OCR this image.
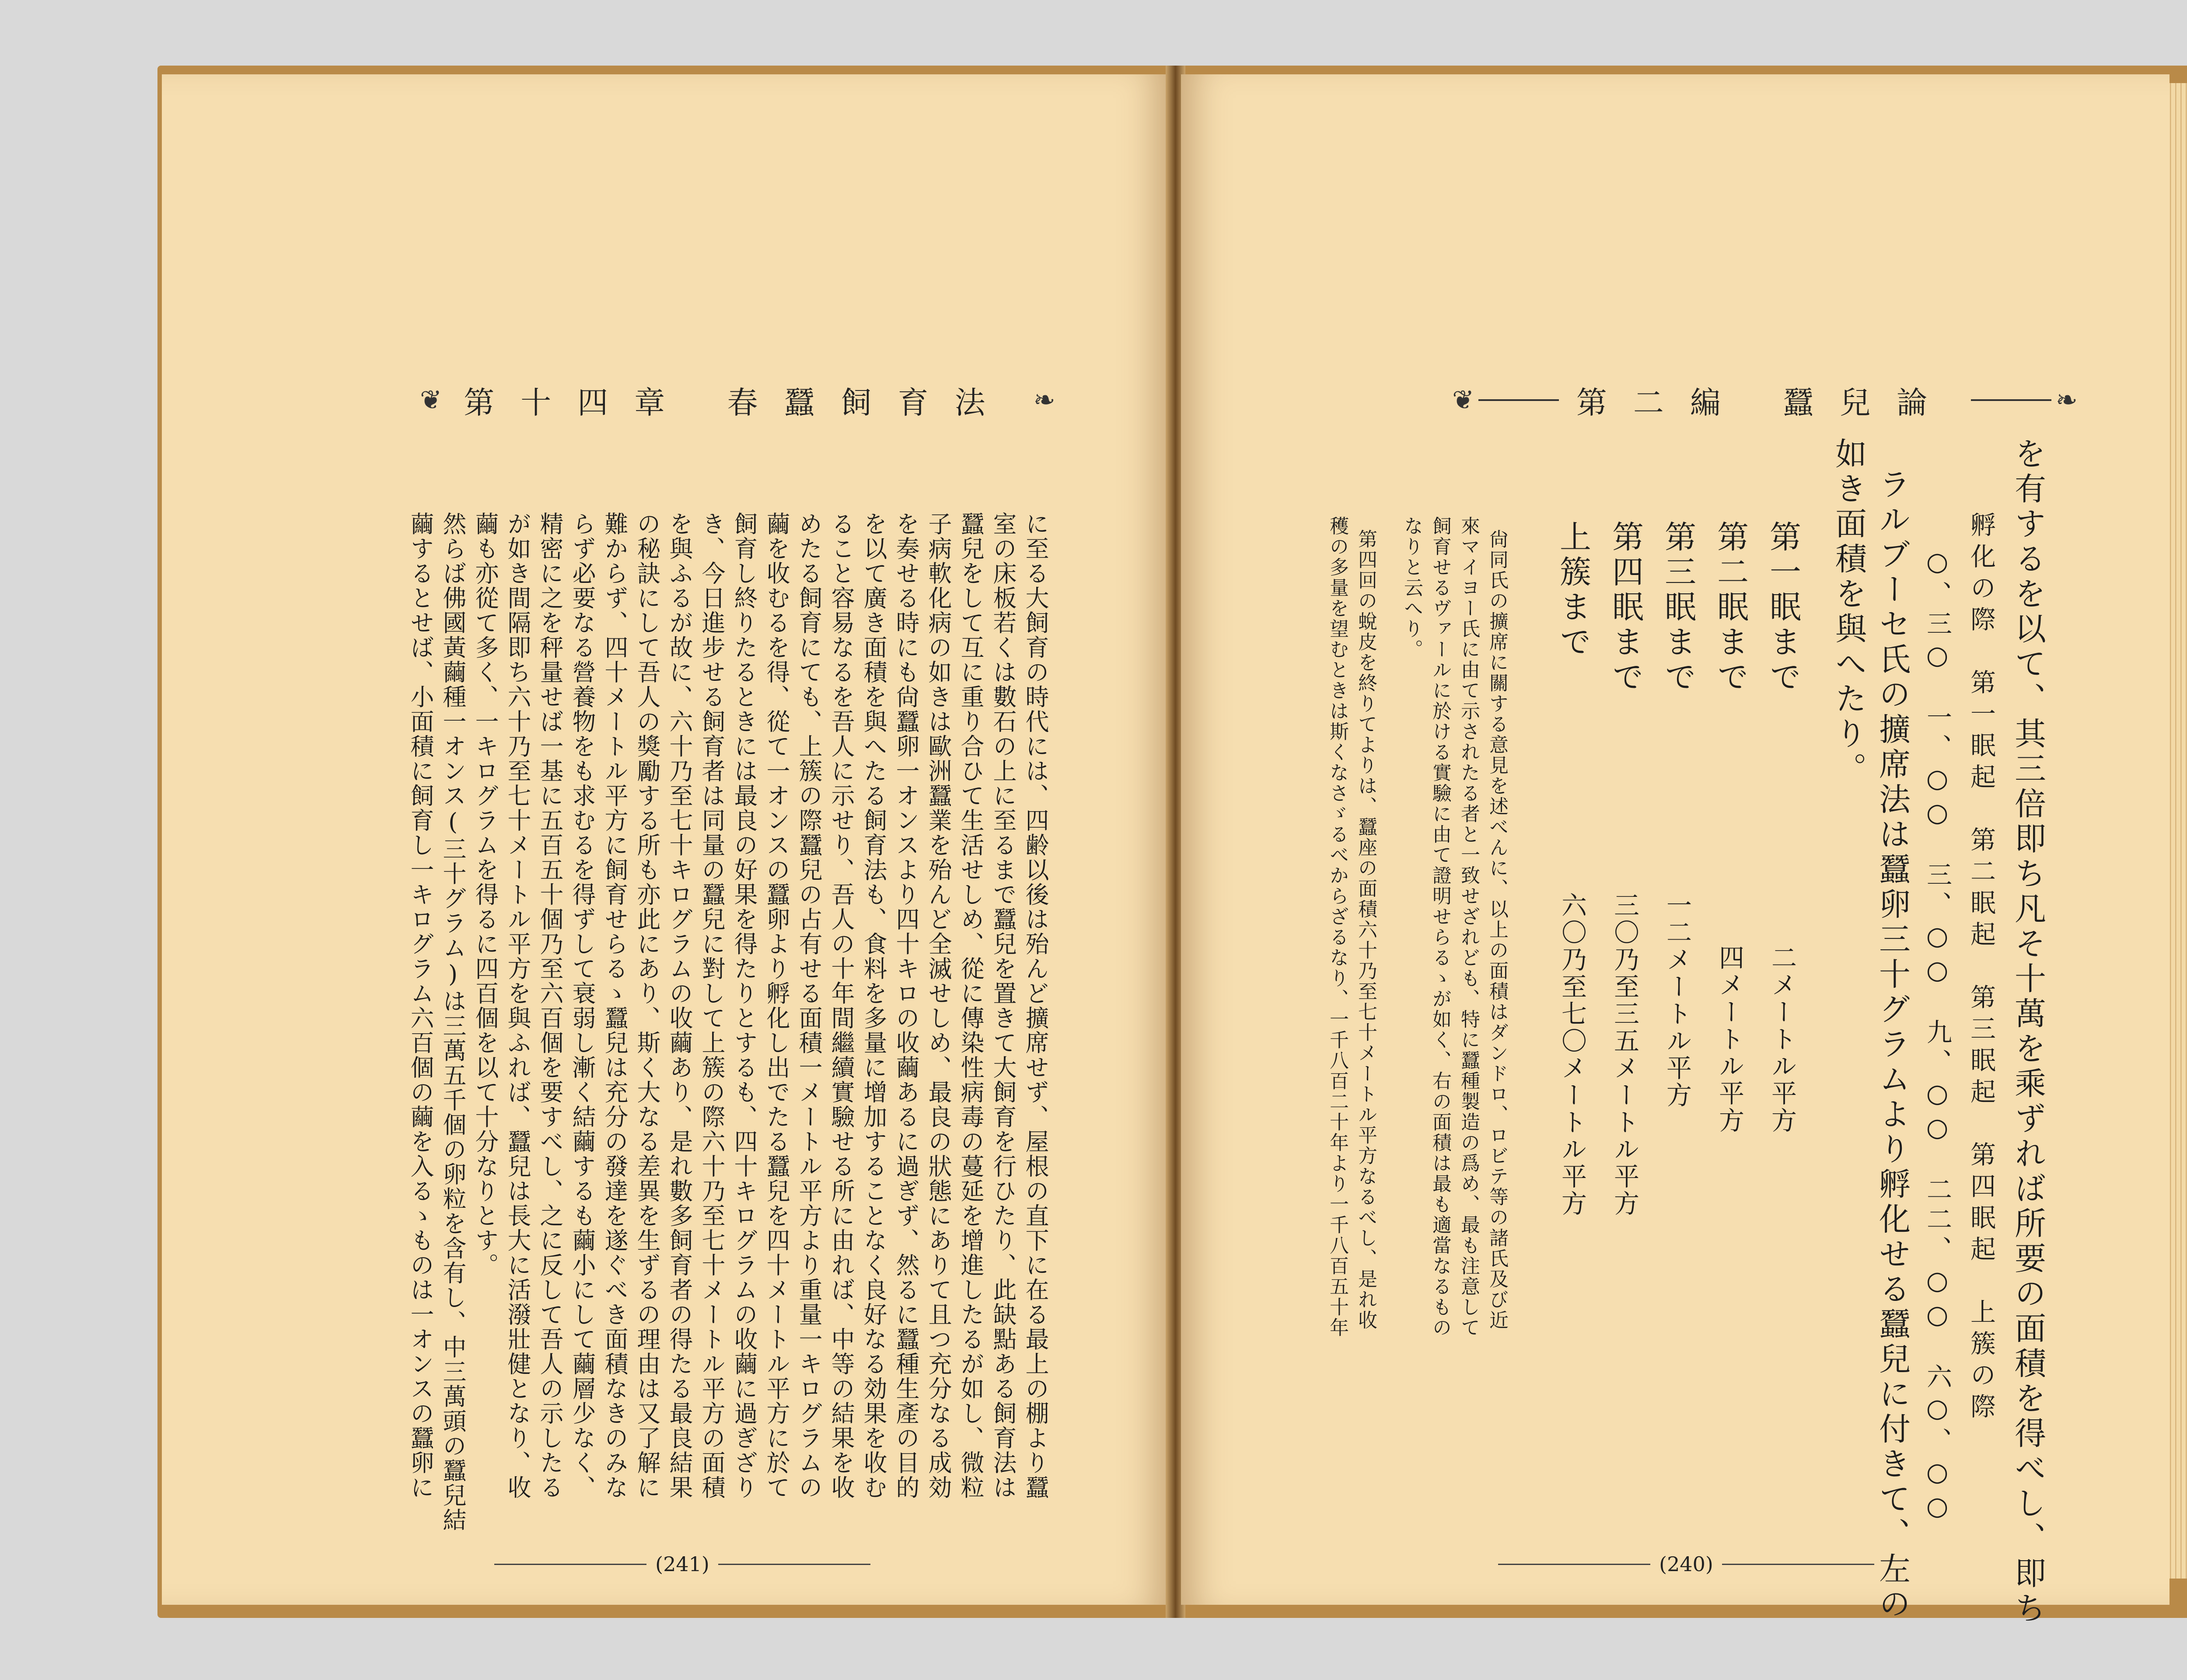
❦ 第十四章 春蠶飼育法 ❧
に至る大飼育の時代には、四齢以後は殆んど擴席せず、屋根の直下に在る最上の棚より蠶
室の床板若くは數石の上に至るまで蠶兒を置きて大飼育を行ひたり、此缺點ある飼育法は
蠶兒をして互に重り合ひて生活せしめ、從に傳染性病毒の蔓延を增進したるが如し、微粒
子病軟化病の如きは歐洲蠶業を殆んど全滅せしめ、最良の狀態にありて且つ充分なる成効
を奏せる時にも尙蠶卵一オンスより四十キロの收繭あるに過ぎず、然るに蠶種生產の目的
を以て廣き面積を與へたる飼育法も、食料を多量に增加することなく良好なる効果を收む
ること容易なるを吾人に示せり、吾人の十年間繼續實驗せる所に由れば、中等の結果を收
めたる飼育にても、上簇の際蠶兒の占有せる面積一メートル平方より重量一キログラムの
繭を收むるを得、從て一オンスの蠶卵より孵化し出でたる蠶兒を四十メートル平方に於て
飼育し終りたるときには最良の好果を得たりとするも、四十キログラムの收繭に過ぎざり
き、今日進步せる飼育者は同量の蠶兒に對して上簇の際六十乃至七十メートル平方の面積
を與ふるが故に、六十乃至七十キログラムの收繭あり、是れ數多飼育者の得たる最良結果
の秘訣にして吾人の獎勵する所も亦此にあり、斯く大なる差異を生ずるの理由は又了解に
難からず、四十メートル平方に飼育せらるゝ蠶兒は充分の發達を遂ぐべき面積なきのみな
らず必要なる營養物をも求むるを得ずして衰弱し漸く結繭するも繭小にして繭層少なく、
精密に之を秤量せば一基に五百五十個乃至六百個を要すべし、之に反して吾人の示したる
が如き間隔即ち六十乃至七十メートル平方を與ふれば、蠶兒は長大に活潑壯健となり、收
繭も亦從て多く、一キログラムを得るに四百個を以て十分なりとす。
然らば佛國黃繭種一オンス(三十グラム)は三萬五千個の卵粒を含有し、中三萬頭の蠶兒結
繭するとせば、小面積に飼育し一キログラム六百個の繭を入るゝものは一オンスの蠶卵に
(241)
❦	第二編 蠶兒論	❧
を有するを以て、其三倍即ち凡そ十萬を乘ずれば所要の面積を得べし、即ち
孵化の際　第一眠起　第二眠起　第三眠起　第四眠起　上簇の際
○、三○　一、○○　三、○○　九、○○　二二、○○　六○、○○
ラルブーセ氏の擴席法は蠶卵三十グラムより孵化せる蠶兒に付きて、左の
如き面積を與へたり。
第一眠まで
二メートル平方
第二眠まで
四メートル平方
第三眠まで
一二メートル平方
第四眠まで
三〇乃至三五メートル平方
上簇まで
六〇乃至七〇メートル平方
尙同氏の擴席に關する意見を述べんに、以上の面積はダンドロ、ロビテ等の諸氏及び近
來マイヨー氏に由て示されたる者と一致せざれども、特に蠶種製造の爲め、最も注意して
飼育せるヴァールに於ける實驗に由て證明せらるゝが如く、右の面積は最も適當なるもの
なりと云へり。
第四回の蛻皮を終りてよりは、蠶座の面積六十乃至七十メートル平方なるべし、是れ收
穫の多量を望むときは斯くなさゞるべからざるなり、一千八百二十年より一千八百五十年
(240)
